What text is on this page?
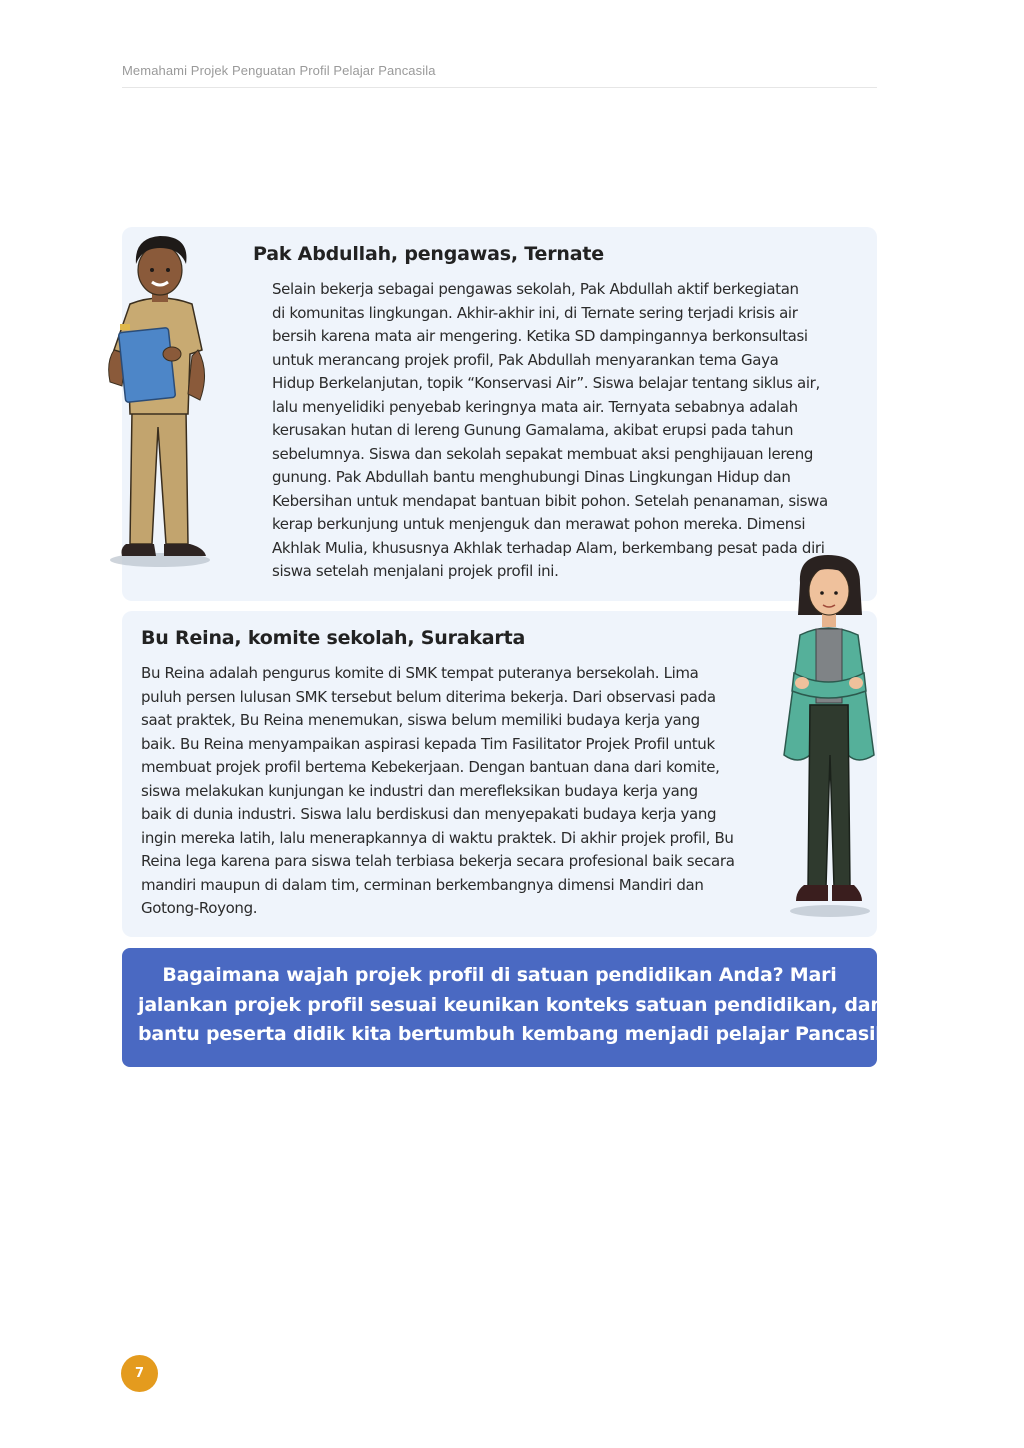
Memahami Projek Penguatan Profil Pelajar Pancasila
Pak Abdullah, pengawas, Ternate
Selain bekerja sebagai pengawas sekolah, Pak Abdullah aktif berkegiatan
di komunitas lingkungan. Akhir-akhir ini, di Ternate sering terjadi krisis air
bersih karena mata air mengering. Ketika SD dampingannya berkonsultasi
untuk merancang projek profil, Pak Abdullah menyarankan tema Gaya
Hidup Berkelanjutan, topik “Konservasi Air”. Siswa belajar tentang siklus air,
lalu menyelidiki penyebab keringnya mata air. Ternyata sebabnya adalah
kerusakan hutan di lereng Gunung Gamalama, akibat erupsi pada tahun
sebelumnya. Siswa dan sekolah sepakat membuat aksi penghijauan lereng
gunung. Pak Abdullah bantu menghubungi Dinas Lingkungan Hidup dan
Kebersihan untuk mendapat bantuan bibit pohon. Setelah penanaman, siswa
kerap berkunjung untuk menjenguk dan merawat pohon mereka. Dimensi
Akhlak Mulia, khususnya Akhlak terhadap Alam, berkembang pesat pada diri
siswa setelah menjalani projek profil ini.
Bu Reina, komite sekolah, Surakarta
Bu Reina adalah pengurus komite di SMK tempat puteranya bersekolah. Lima
puluh persen lulusan SMK tersebut belum diterima bekerja. Dari observasi pada
saat praktek, Bu Reina menemukan, siswa belum memiliki budaya kerja yang
baik. Bu Reina menyampaikan aspirasi kepada Tim Fasilitator Projek Profil untuk
membuat projek profil bertema Kebekerjaan. Dengan bantuan dana dari komite,
siswa melakukan kunjungan ke industri dan merefleksikan budaya kerja yang
baik di dunia industri. Siswa lalu berdiskusi dan menyepakati budaya kerja yang
ingin mereka latih, lalu menerapkannya di waktu praktek. Di akhir projek profil, Bu
Reina lega karena para siswa telah terbiasa bekerja secara profesional baik secara
mandiri maupun di dalam tim, cerminan berkembangnya dimensi Mandiri dan
Gotong-Royong.
Bagaimana wajah projek profil di satuan pendidikan Anda? Mari
jalankan projek profil sesuai keunikan konteks satuan pendidikan, dan
bantu peserta didik kita bertumbuh kembang menjadi pelajar Pancasila.
7
